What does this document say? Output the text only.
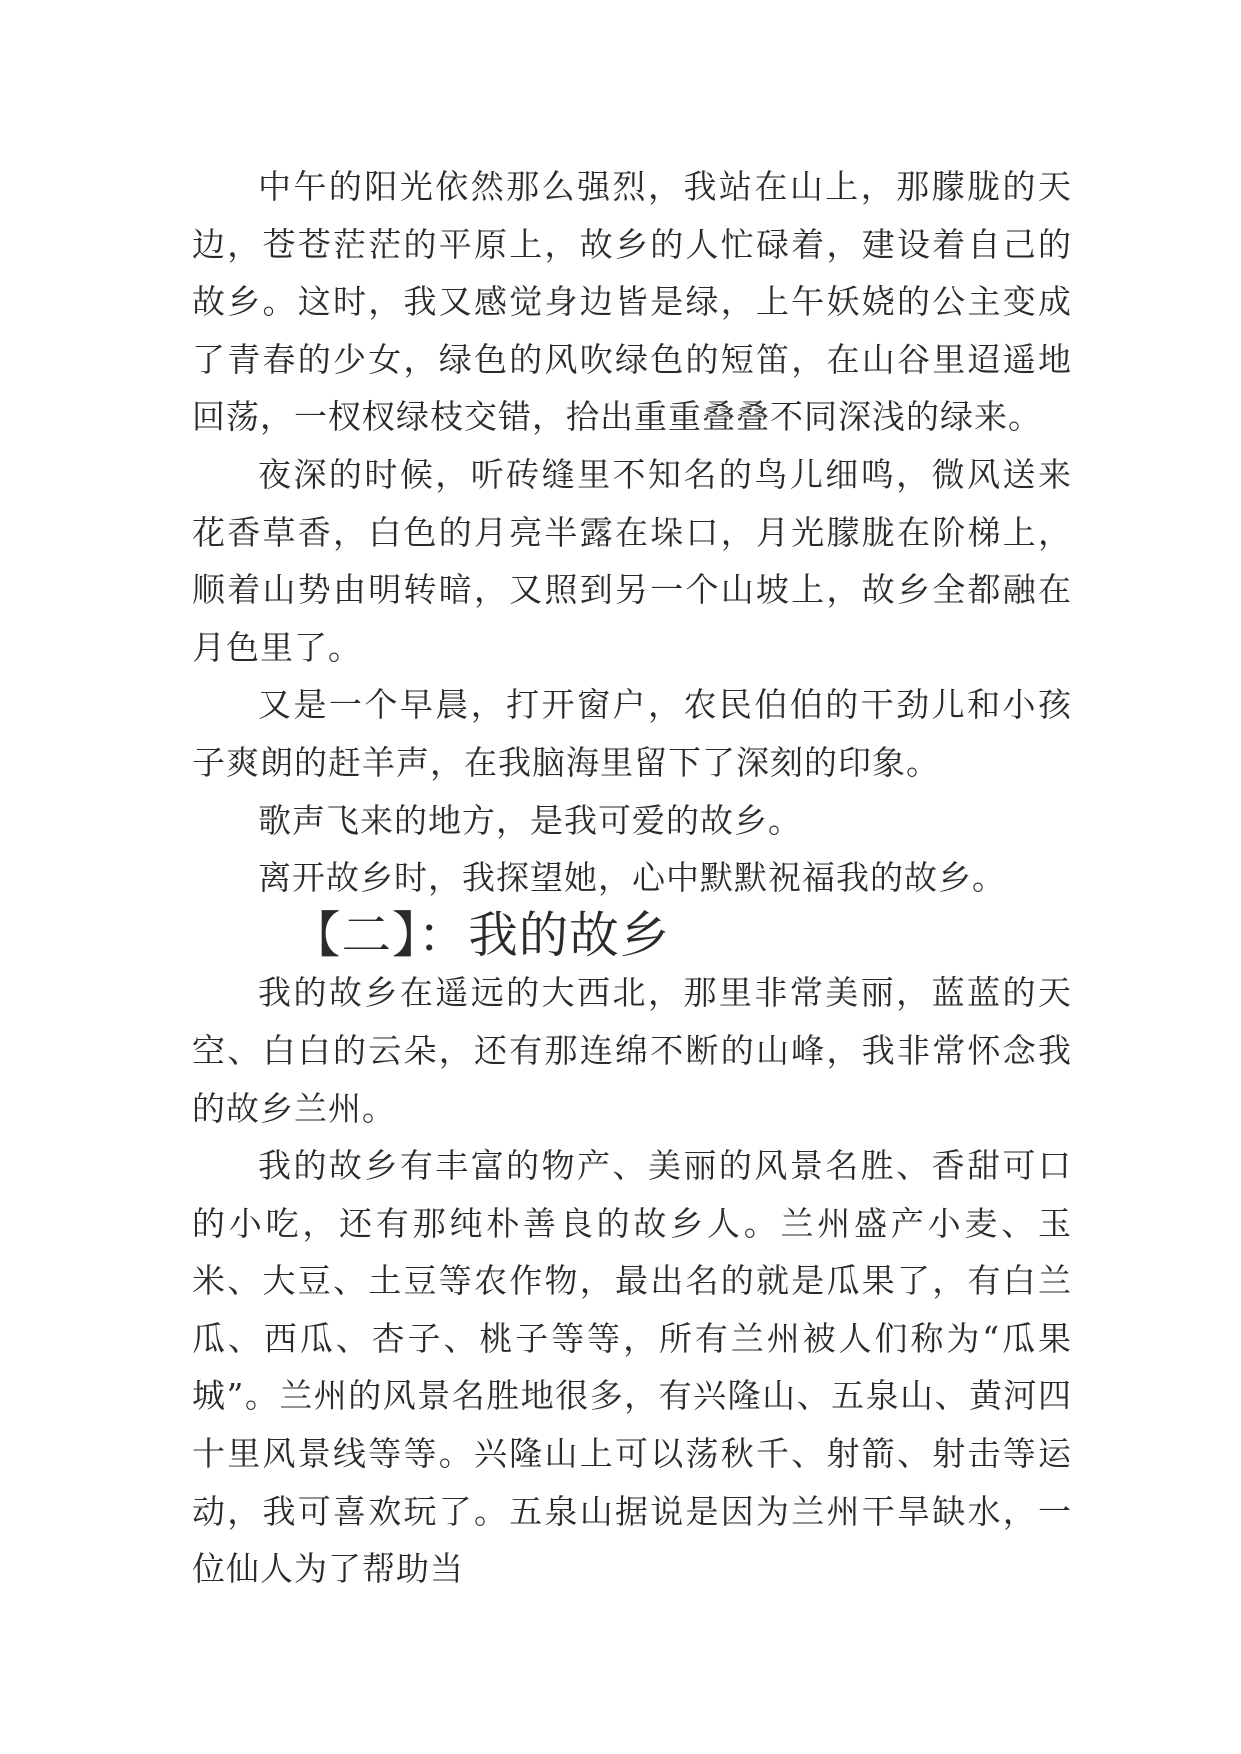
中午的阳光依然那么强烈，我站在山上，那朦胧的天边，苍苍茫茫的平原上，故乡的人忙碌着，建设着自己的故乡。这时，我又感觉身边皆是绿，上午妖娆的公主变成了青春的少女，绿色的风吹绿色的短笛，在山谷里迢遥地回荡，一杈杈绿枝交错，拾出重重叠叠不同深浅的绿来。

夜深的时候，听砖缝里不知名的鸟儿细鸣，微风送来花香草香，白色的月亮半露在垛口，月光朦胧在阶梯上，顺着山势由明转暗，又照到另一个山坡上，故乡全都融在月色里了。

又是一个早晨，打开窗户，农民伯伯的干劲儿和小孩子爽朗的赶羊声，在我脑海里留下了深刻的印象。

歌声飞来的地方，是我可爱的故乡。

离开故乡时，我探望她，心中默默祝福我的故乡。

【二】：我的故乡

我的故乡在遥远的大西北，那里非常美丽，蓝蓝的天空、白白的云朵，还有那连绵不断的山峰，我非常怀念我的故乡兰州。

我的故乡有丰富的物产、美丽的风景名胜、香甜可口的小吃，还有那纯朴善良的故乡人。兰州盛产小麦、玉米、大豆、土豆等农作物，最出名的就是瓜果了，有白兰瓜、西瓜、杏子、桃子等等，所有兰州被人们称为“瓜果城”。兰州的风景名胜地很多，有兴隆山、五泉山、黄河四十里风景线等等。兴隆山上可以荡秋千、射箭、射击等运动，我可喜欢玩了。五泉山据说是因为兰州干旱缺水，一位仙人为了帮助当
